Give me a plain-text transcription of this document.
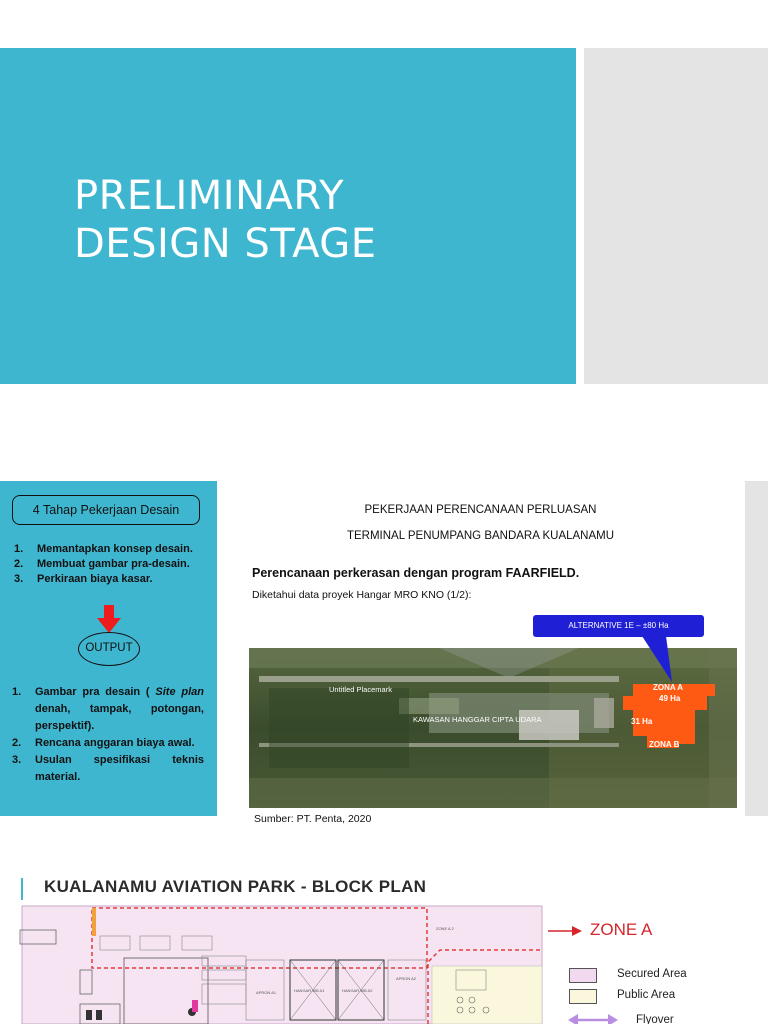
PRELIMINARY
DESIGN STAGE
4 Tahap Pekerjaan Desain
1.	Memantapkan konsep desain.
2.	Membuat gambar pra-desain.
3.	Perkiraan biaya kasar.
OUTPUT
1.	Gambar pra desain ( Site plan denah, tampak, potongan, perspektif).
2.	Rencana anggaran biaya awal.
3.	Usulan spesifikasi teknis material.
PEKERJAAN PERENCANAAN PERLUASAN
TERMINAL PENUMPANG BANDARA KUALANAMU
Perencanaan perkerasan dengan program FAARFIELD.
Diketahui data proyek Hangar MRO KNO (1/2):
Untitled Placemark
KAWASAN HANGGAR CIPTA UDARA
ZONA A
49 Ha
31 Ha
ZONA B
ALTERNATIVE 1E – ±80 Ha
Sumber: PT. Penta, 2020
KUALANAMU AVIATION PARK - BLOCK PLAN
ZONE A 2
APRON A1
APRON A2
HANGAR WB A1	HANGAR WB A2
ZONE A
Secured Area
Public Area
Flyover
